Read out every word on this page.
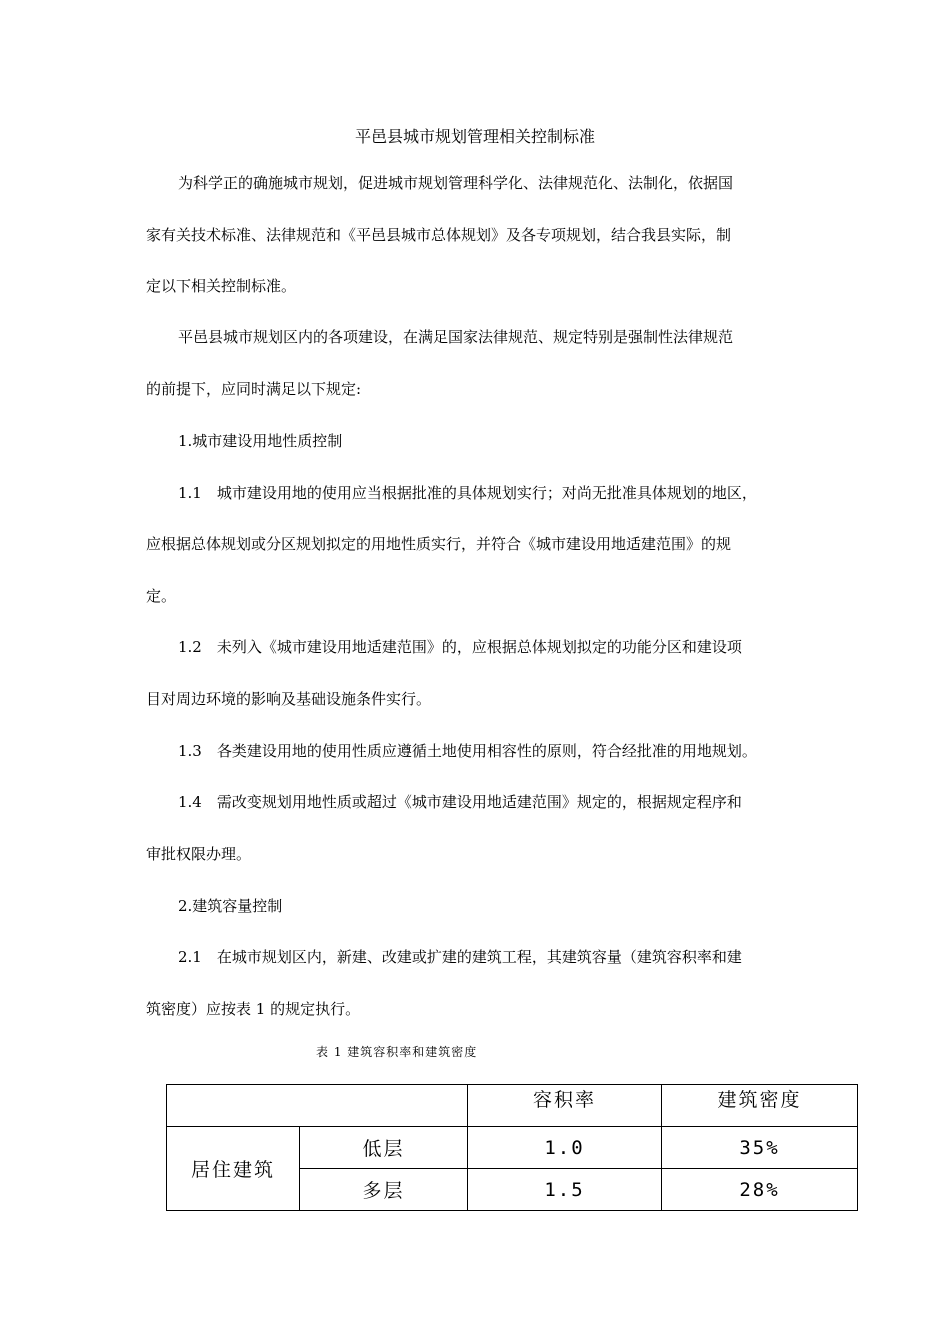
平邑县城市规划管理相关控制标准
为科学正的确施城市规划，促进城市规划管理科学化、法律规范化、法制化，依据国
家有关技术标准、法律规范和《平邑县城市总体规划》及各专项规划，结合我县实际，制
定以下相关控制标准。
平邑县城市规划区内的各项建设，在满足国家法律规范、规定特别是强制性法律规范
的前提下，应同时满足以下规定:
1.城市建设用地性质控制
1.1　城市建设用地的使用应当根据批准的具体规划实行；对尚无批准具体规划的地区，
应根据总体规划或分区规划拟定的用地性质实行，并符合《城市建设用地适建范围》的规
定。
1.2　未列入《城市建设用地适建范围》的，应根据总体规划拟定的功能分区和建设项
目对周边环境的影响及基础设施条件实行。
1.3　各类建设用地的使用性质应遵循土地使用相容性的原则，符合经批准的用地规划。
1.4　需改变规划用地性质或超过《城市建设用地适建范围》规定的，根据规定程序和
审批权限办理。
2.建筑容量控制
2.1　在城市规划区内，新建、改建或扩建的建筑工程，其建筑容量（建筑容积率和建
筑密度）应按表 1 的规定执行。
表 1 建筑容积率和建筑密度
		容积率	建筑密度
居住建筑	低层	1.0	35%
	多层	1.5	28%
